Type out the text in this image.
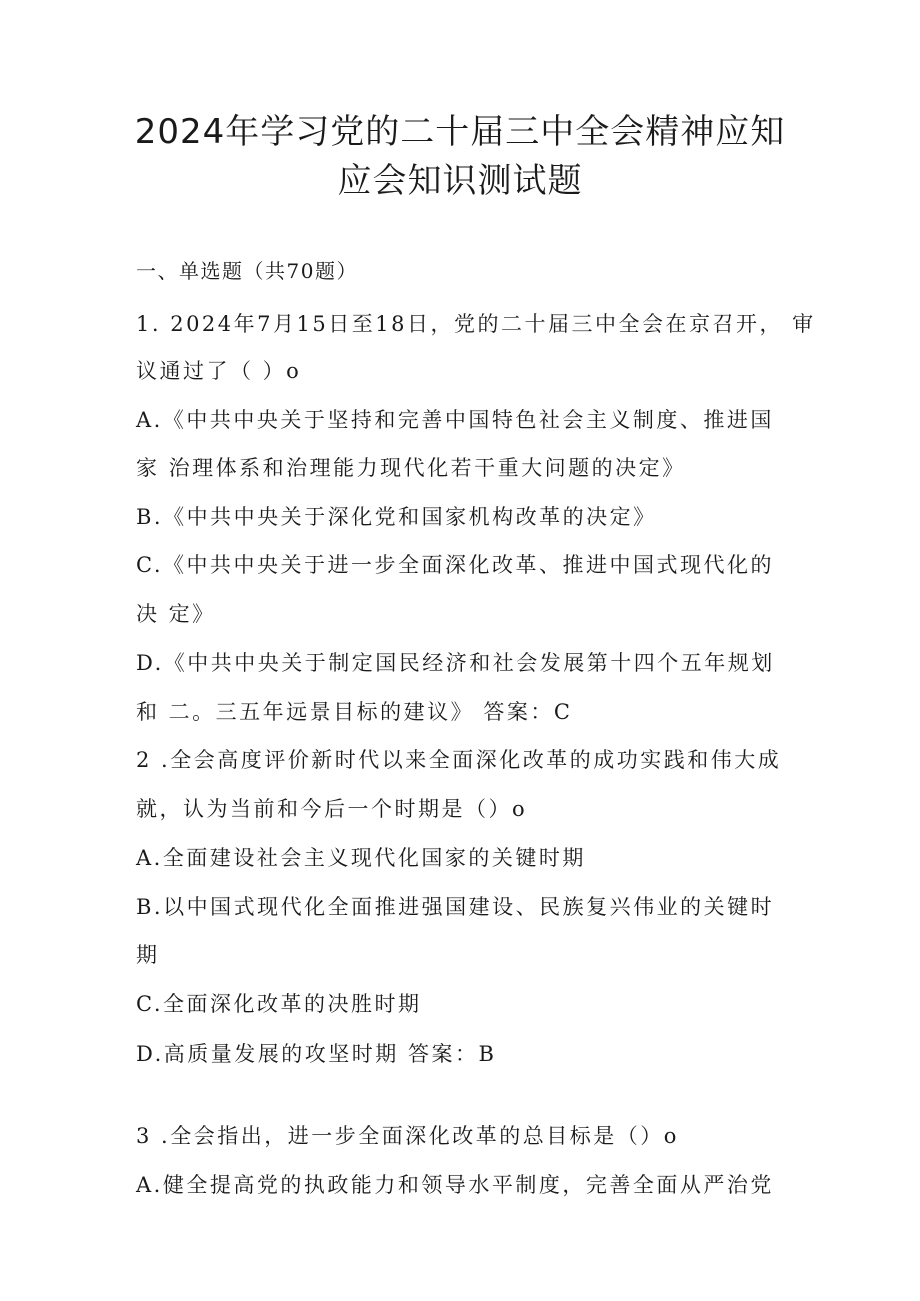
2024年学习党的二十届三中全会精神应知
应会知识测试题
一、单选题（共70题）
1. 2024年7月15日至18日，党的二十届三中全会在京召开， 审
议通过了（ ）o
A.《中共中央关于坚持和完善中国特色社会主义制度、推进国
家 治理体系和治理能力现代化若干重大问题的决定》
B.《中共中央关于深化党和国家机构改革的决定》
C.《中共中央关于进一步全面深化改革、推进中国式现代化的
决 定》
D.《中共中央关于制定国民经济和社会发展第十四个五年规划
和 二。三五年远景目标的建议》 答案：C
2 .全会高度评价新时代以来全面深化改革的成功实践和伟大成
就，认为当前和今后一个时期是（）o
A.全面建设社会主义现代化国家的关键时期
B.以中国式现代化全面推进强国建设、民族复兴伟业的关键时
期
C.全面深化改革的决胜时期
D.高质量发展的攻坚时期 答案：B
3 .全会指出，进一步全面深化改革的总目标是（）o
A.健全提高党的执政能力和领导水平制度，完善全面从严治党
